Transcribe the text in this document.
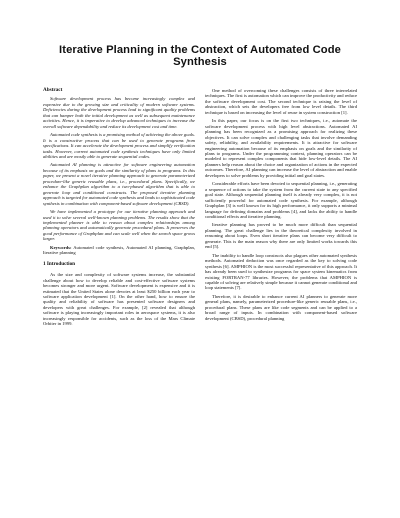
Iterative Planning in the Context of Automated Code Synthesis
Abstract

Software development process has become increasingly complex and expensive due to the growing size and criticality of modern software systems. Deficiencies during the development process lead to significant quality problems that can hamper both the initial development as well as subsequent maintenance activities. Hence, it is imperative to develop advanced techniques to increase the overall software dependability and reduce its development cost and time.

Automated code synthesis is a promising method of achieving the above goals. It is a constructive process that can be used to generate programs from specifications. It can accelerate the development process and simplify verification tasks. However, current automated code synthesis techniques have only limited abilities and are mostly able to generate sequential codes.

Automated AI planning is attractive for software engineering automation because of its emphasis on goals and the similarity of plans to programs. In this paper, we present a novel iterative planning approach to generate parameterized procedure-like generic reusable plans, i.e., procedural plans. Specifically, we enhance the Graphplan algorithm to a two-phased algorithm that is able to generate loop and conditional constructs. The proposed iterative planning approach is targeted for automated code synthesis and leads to sophisticated code synthesis in combination with component-based software development (CBSD).

We have implemented a prototype for our iterative planning approach and used it to solve several well-known planning problems. The results show that the implemented planner is able to reason about complex relationships among planning operators and automatically generate procedural plans. It preserves the good performance of Graphplan and can scale well when the search space grows larger.

Keywords: Automated code synthesis, Automated AI planning, Graphplan, Iterative planning

1 Introduction

As the size and complexity of software systems increase, the substantial challenge about how to develop reliable and cost-effective software systems becomes stronger and more urgent. Software development is expensive and it is estimated that the United States alone devotes at least $250 billion each year to software application development [1]. On the other hand, how to ensure the quality and reliability of software has presented software designers and developers with great challenges. For example, [2] revealed that although software is playing increasingly important roles in aerospace systems, it is also increasingly responsible for accidents, such as the loss of the Mars Climate Orbiter in 1999.

One method of overcoming these challenges consists of three interrelated techniques. The first is automation which can improve the productivity and reduce the software development cost. The second technique is raising the level of abstraction, which sets the developers free from low level details. The third technique is based on increasing the level of reuse in system construction [1].

In this paper, our focus is on the first two techniques, i.e., automate the software development process with high level abstractions. Automated AI planning has been recognized as a promising approach for realizing these objectives. It can solve complex and challenging tasks that involve demanding safety, reliability, and availability requirements. It is attractive for software engineering automation because of its emphasis on goals and the similarity of plans to programs. Under the programming context, planning operators can be modeled to represent complex components that hide low-level details. The AI planners help reason about the choice and organization of actions in the expected outcomes. Therefore, AI planning can increase the level of abstraction and enable developers to solve problems by providing initial and goal states.

Considerable efforts have been devoted to sequential planning, i.e., generating a sequence of actions to take the system from the current state to any specified goal state. Although sequential planning itself is already very complex, it is not sufficiently powerful for automated code synthesis. For example, although Graphplan [3] is well known for its high performance, it only supports a minimal language for defining domains and problems [4], and lacks the ability to handle conditional effects and iterative planning.

Iterative planning has proved to be much more difficult than sequential planning. The great challenge lies in the theoretical complexity involved in reasoning about loops. Even short iterative plans can become very difficult to generate. This is the main reason why there are only limited works towards this end [5].

The inability to handle loop constructs also plagues other automated synthesis methods. Automated deduction was once regarded as the key to solving code synthesis [6]. AMPHION is the most successful representative of this approach. It has already been used to synthesize programs for space system kinematics from existing FORTRAN-77 libraries. However, the problems that AMPHION is capable of solving are relatively simple because it cannot generate conditional and loop statements [7].

Therefore, it is desirable to enhance current AI planners to generate more general plans, namely, parameterized procedure-like generic reusable plans, i.e., procedural plans. These plans are like code segments and can be applied to a broad range of inputs. In combination with component-based software development (CBSD), procedural planning
